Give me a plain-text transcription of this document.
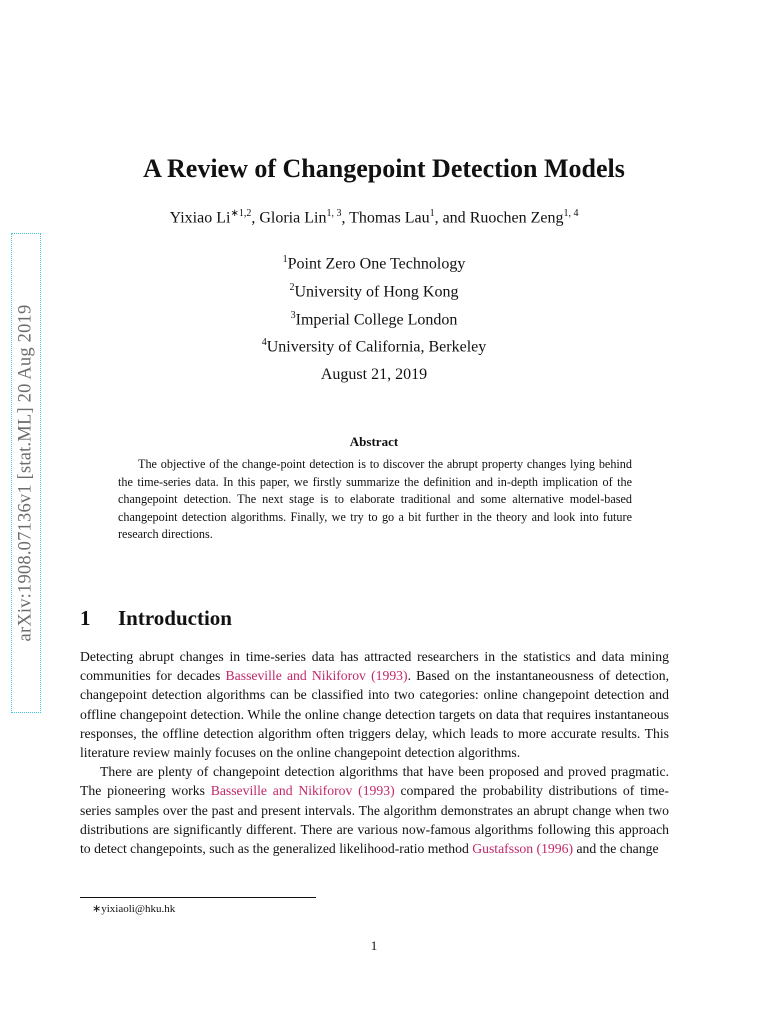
arXiv:1908.07136v1 [stat.ML] 20 Aug 2019
A Review of Changepoint Detection Models
Yixiao $Li^{∗1,2}$, Gloria Lin$^{1, 3}$, Thomas Lau$^1$, and Ruochen Zeng$^{1, 4}$
$^1$Point Zero One Technology
$^2$University of Hong Kong
$^3$Imperial College London
$^4$University of California, Berkeley
August 21, 2019
Abstract
The objective of the change-point detection is to discover the abrupt property changes lying behind the time-series data. In this paper, we firstly summarize the definition and in-depth implication of the changepoint detection. The next stage is to elaborate traditional and some alternative model-based changepoint detection algorithms. Finally, we try to go a bit further in the theory and look into future research directions.
1 Introduction

Detecting abrupt changes in time-series data has attracted researchers in the statistics and data mining communities for decades Basseville and Nikiforov (1993). Based on the instantaneousness of detection, changepoint detection algorithms can be classified into two categories: online changepoint detection and offline changepoint detection. While the online change detection targets on data that requires instantaneous responses, the offline detection algorithm often triggers delay, which leads to more accurate results. This literature review mainly focuses on the online changepoint detection algorithms.

There are plenty of changepoint detection algorithms that have been proposed and proved pragmatic. The pioneering works Basseville and Nikiforov (1993) compared the probability distributions of time-series samples over the past and present intervals. The algorithm demonstrates an abrupt change when two distributions are significantly different. There are various now-famous algorithms following this approach to detect changepoints, such as the generalized likelihood-ratio method Gustafsson (1996) and the change

∗yixiaoli@hku.hk
1
